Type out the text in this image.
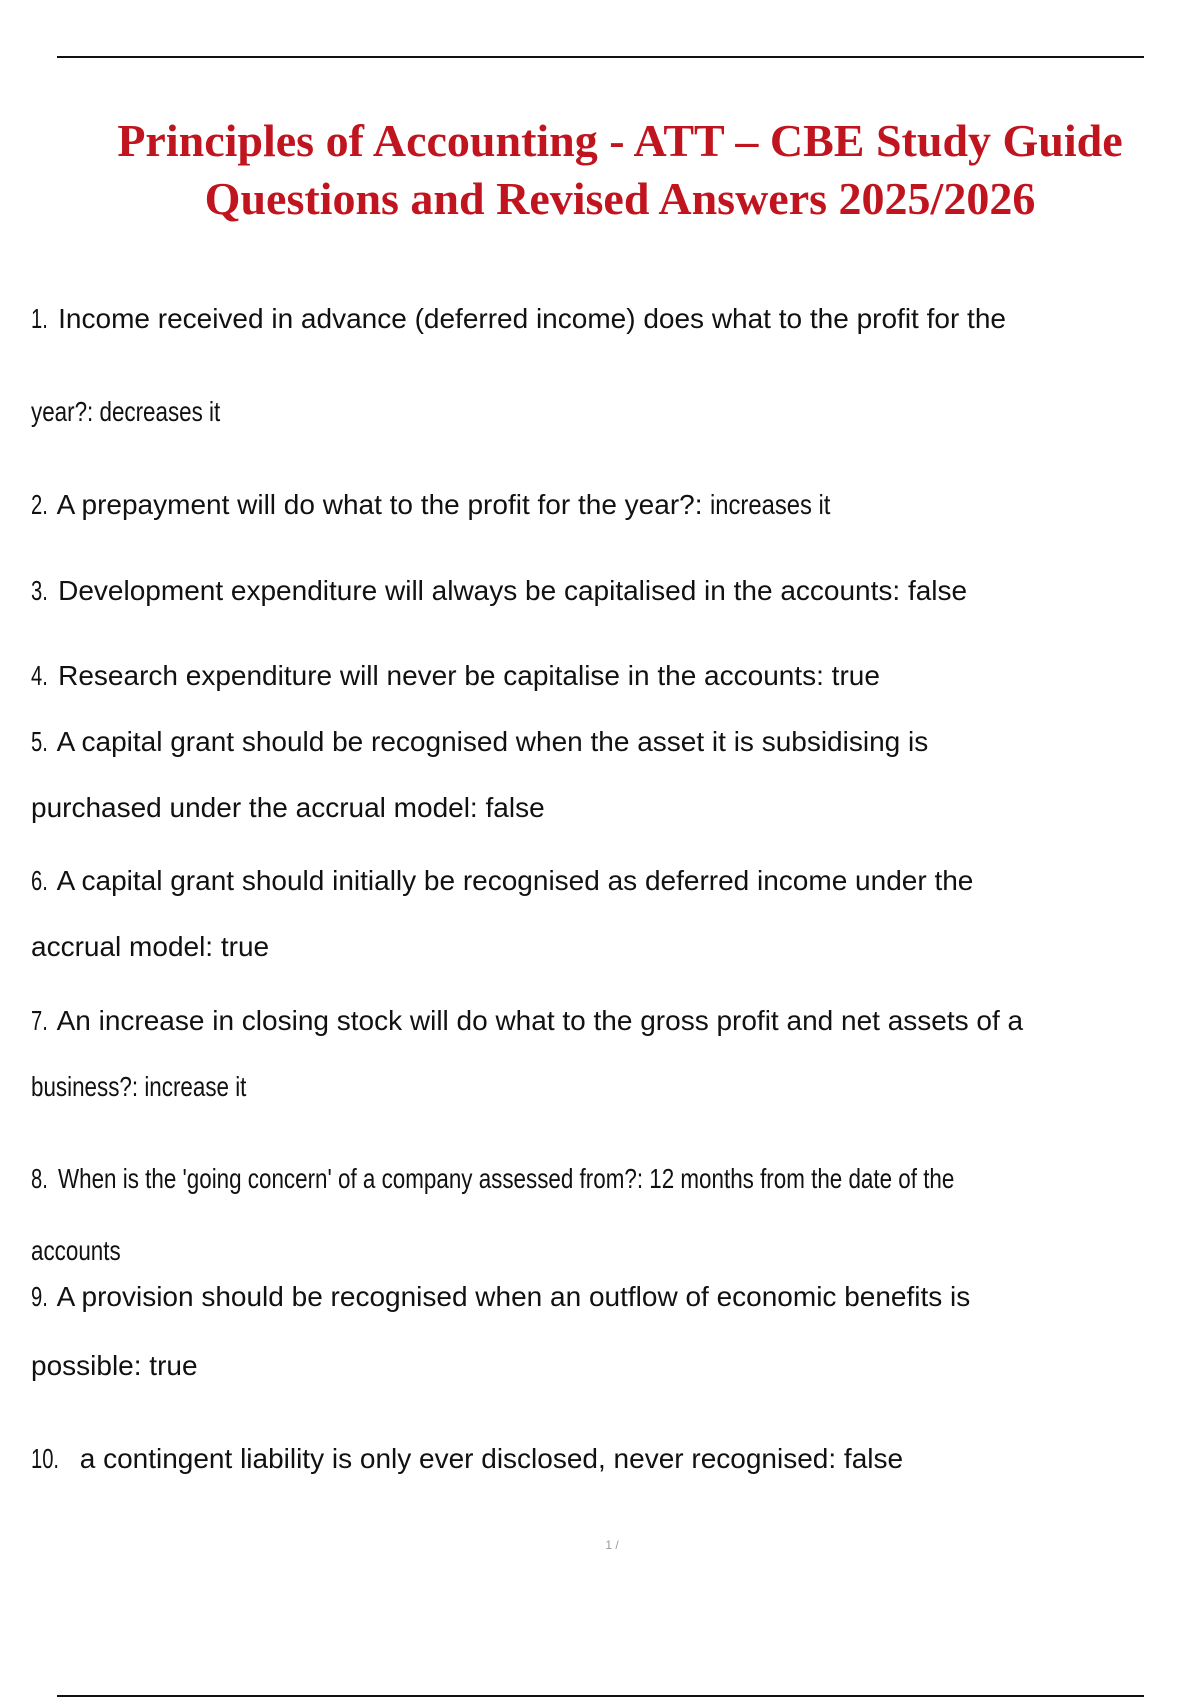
Principles of Accounting - ATT – CBE Study Guide
Questions and Revised Answers 2025/2026
1. Income received in advance (deferred income) does what to the profit for the
year?: decreases it
2. A prepayment will do what to the profit for the year?: increases it
3. Development expenditure will always be capitalised in the accounts: false
4. Research expenditure will never be capitalise in the accounts: true
5. A capital grant should be recognised when the asset it is subsidising is
purchased under the accrual model: false
6. A capital grant should initially be recognised as deferred income under the
accrual model: true
7. An increase in closing stock will do what to the gross profit and net assets of a
business?: increase it
8. When is the 'going concern' of a company assessed from?: 12 months from the date of the
accounts
9. A provision should be recognised when an outflow of economic benefits is
possible: true
10. a contingent liability is only ever disclosed, never recognised: false
1 /
